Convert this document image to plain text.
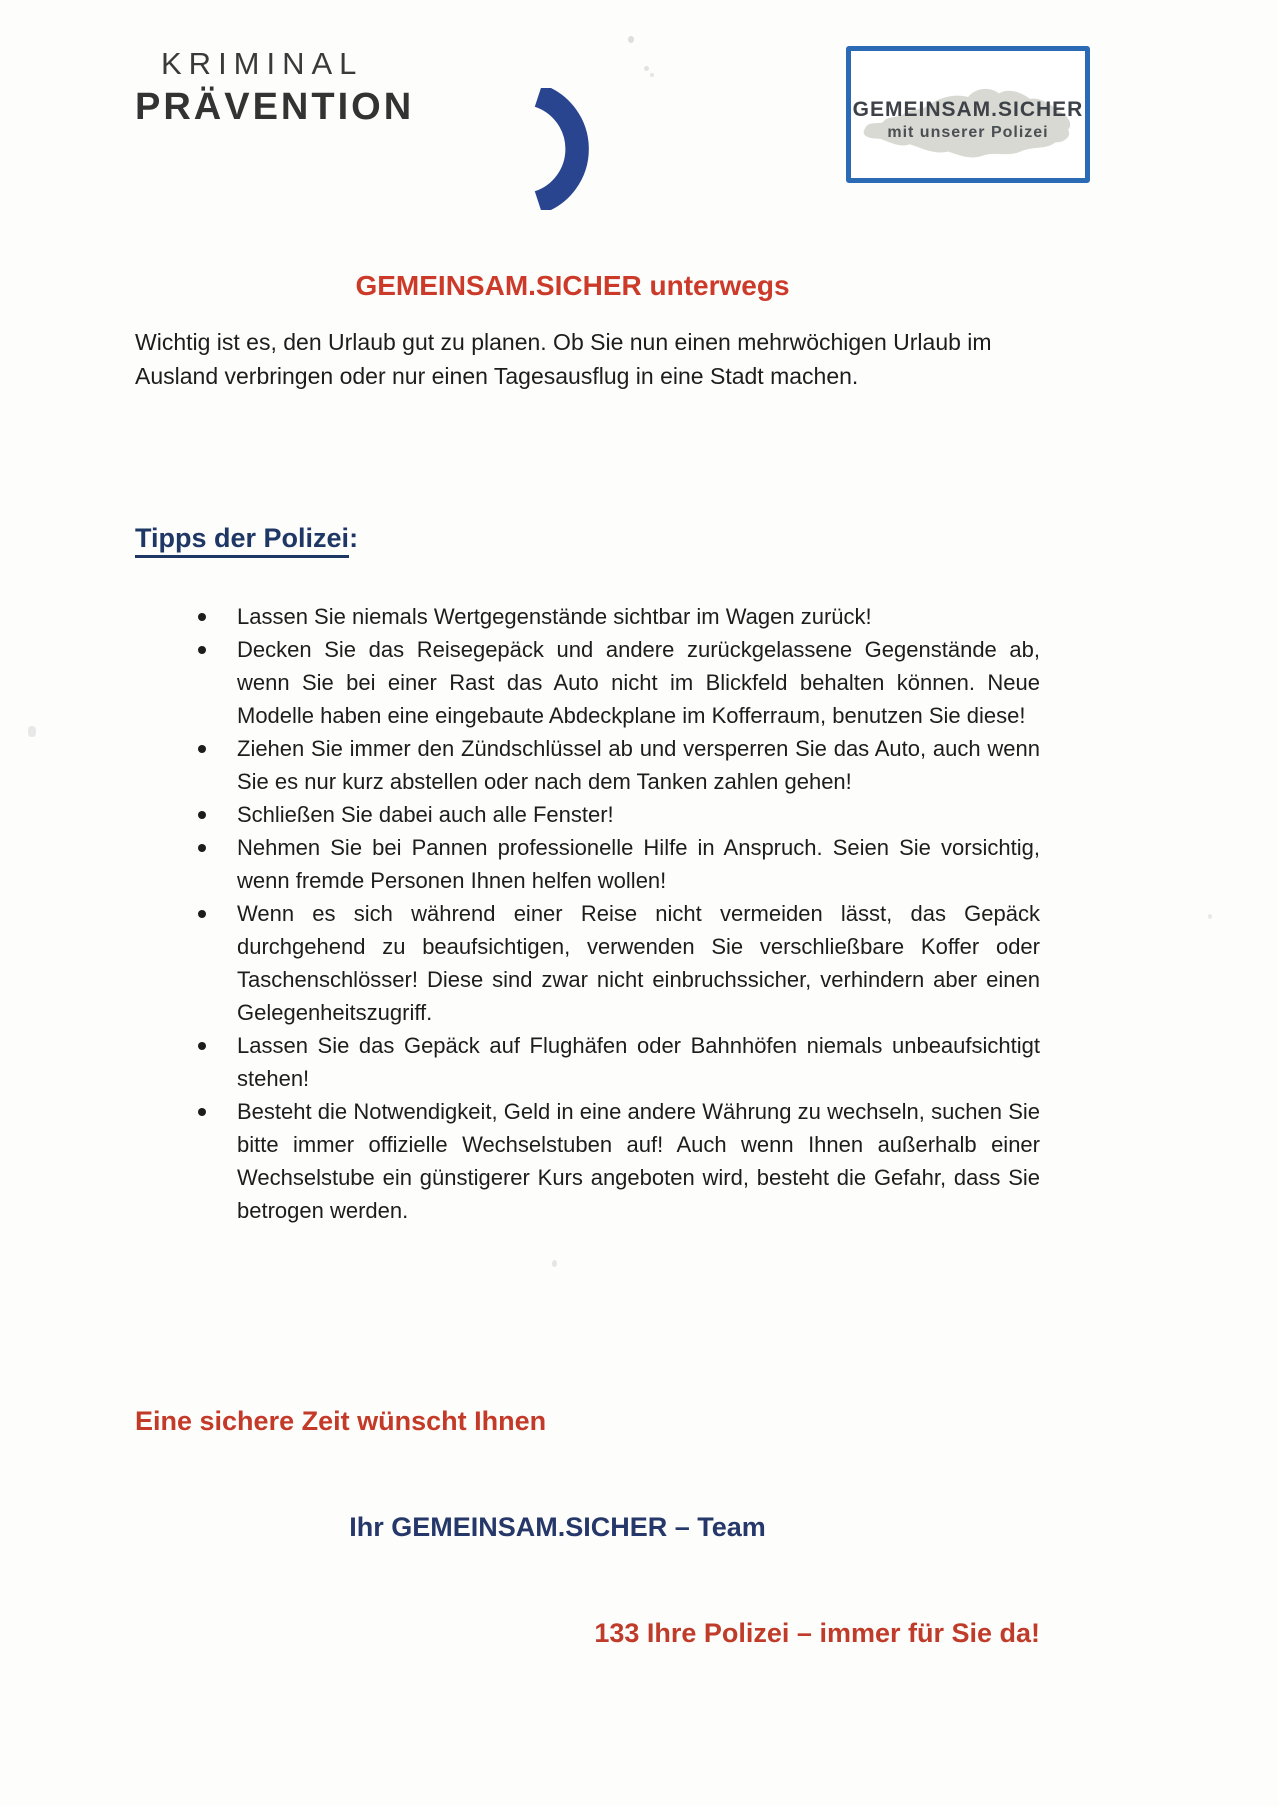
KRIMINAL
PRÄVENTION	GEMEINSAM.SICHER
mit unserer Polizei
GEMEINSAM.SICHER unterwegs

Wichtig ist es, den Urlaub gut zu planen. Ob Sie nun einen mehrwöchigen Urlaub im Ausland verbringen oder nur einen Tagesausflug in eine Stadt machen.

Tipps der Polizei:
Lassen Sie niemals Wertgegenstände sichtbar im Wagen zurück!
Decken Sie das Reisegepäck und andere zurückgelassene Gegenstände ab, wenn Sie bei einer Rast das Auto nicht im Blickfeld behalten können. Neue Modelle haben eine eingebaute Abdeckplane im Kofferraum, benutzen Sie diese!
Ziehen Sie immer den Zündschlüssel ab und versperren Sie das Auto, auch wenn Sie es nur kurz abstellen oder nach dem Tanken zahlen gehen!
Schließen Sie dabei auch alle Fenster!
Nehmen Sie bei Pannen professionelle Hilfe in Anspruch. Seien Sie vorsichtig, wenn fremde Personen Ihnen helfen wollen!
Wenn es sich während einer Reise nicht vermeiden lässt, das Gepäck durchgehend zu beaufsichtigen, verwenden Sie verschließbare Koffer oder Taschenschlösser! Diese sind zwar nicht einbruchssicher, verhindern aber einen Gelegenheitszugriff.
Lassen Sie das Gepäck auf Flughäfen oder Bahnhöfen niemals unbeaufsichtigt stehen!
Besteht die Notwendigkeit, Geld in eine andere Währung zu wechseln, suchen Sie bitte immer offizielle Wechselstuben auf! Auch wenn Ihnen außerhalb einer Wechselstube ein günstigerer Kurs angeboten wird, besteht die Gefahr, dass Sie betrogen werden.

Eine sichere Zeit wünscht Ihnen

Ihr GEMEINSAM.SICHER – Team

133 Ihre Polizei – immer für Sie da!
